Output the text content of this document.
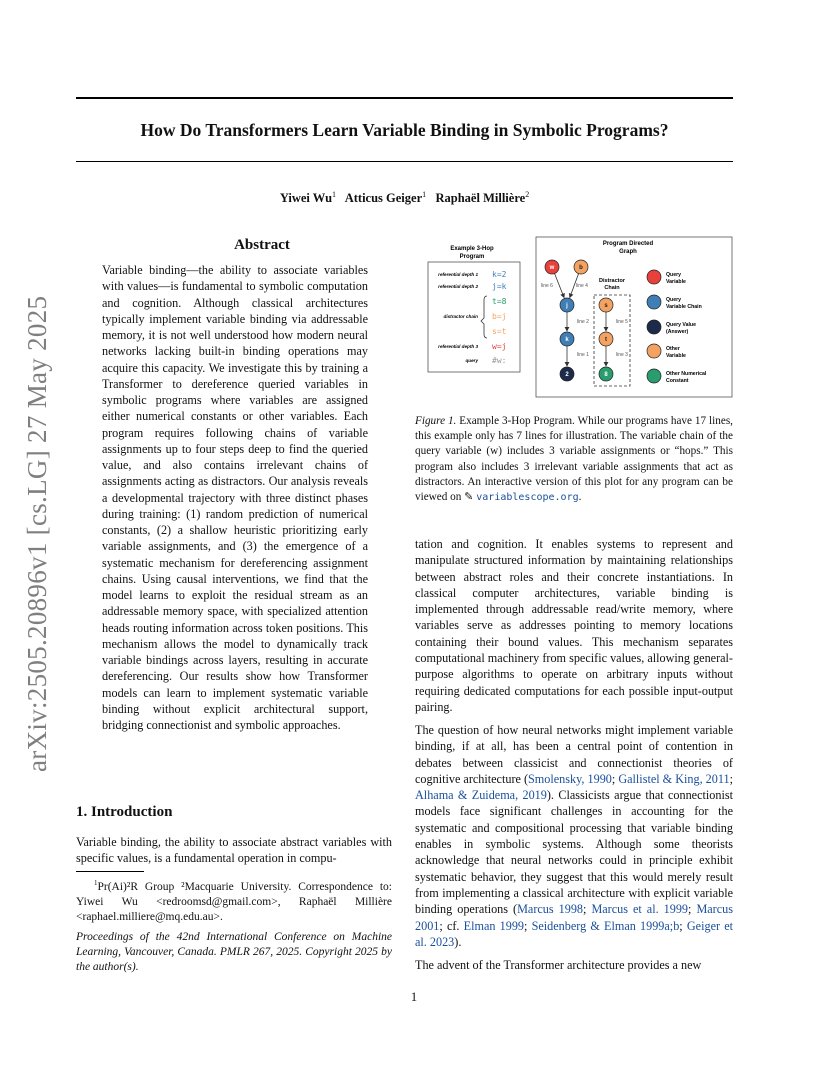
How Do Transformers Learn Variable Binding in Symbolic Programs?
Yiwei Wu$^1$ Atticus Geiger$^1$ Raphaël Millière$^2$
arXiv:2505.20896v1 [cs.LG] 27 May 2025
Abstract
Variable binding—the ability to associate variables with values—is fundamental to symbolic computation and cognition. Although classical architectures typically implement variable binding via addressable memory, it is not well understood how modern neural networks lacking built-in binding operations may acquire this capacity. We investigate this by training a Transformer to dereference queried variables in symbolic programs where variables are assigned either numerical constants or other variables. Each program requires following chains of variable assignments up to four steps deep to find the queried value, and also contains irrelevant chains of assignments acting as distractors. Our analysis reveals a developmental trajectory with three distinct phases during training: (1) random prediction of numerical constants, (2) a shallow heuristic prioritizing early variable assignments, and (3) the emergence of a systematic mechanism for dereferencing assignment chains. Using causal interventions, we find that the model learns to exploit the residual stream as an addressable memory space, with specialized attention heads routing information across token positions. This mechanism allows the model to dynamically track variable bindings across layers, resulting in accurate dereferencing. Our results show how Transformer models can learn to implement systematic variable binding without explicit architectural support, bridging connectionist and symbolic approaches.
1. Introduction
Variable binding, the ability to associate abstract variables with specific values, is a fundamental operation in compu-
$^1$Pr(Ai)²R Group ²Macquarie University. Correspondence to: Yiwei Wu <redroomsd@gmail.com>, Raphaël Millière <raphael.milliere@mq.edu.au>.
Proceedings of the 42nd International Conference on Machine Learning, Vancouver, Canada. PMLR 267, 2025. Copyright 2025 by the author(s).
Example 3-Hop
Program
referential depth 1 k=2
referential depth 2 j=k
t=8
distractor chain b=j
s=t
referential depth 3 w=j
query #w:
Program Directed
Graph
Distractor
Chain
line 6	line 4
line 2	line 5
line 1	line 3
w	b
j	s
k	t
2	8
Query
Variable
Query
Variable Chain
Query Value
(Answer)
Other
Variable
Other Numerical
Constant
Figure 1. Example 3-Hop Program. While our programs have 17 lines, this example only has 7 lines for illustration. The variable chain of the query variable (w) includes 3 variable assignments or “hops.” This program also includes 3 irrelevant variable assignments that act as distractors. An interactive version of this plot for any program can be viewed on ✎ variablescope.org.
tation and cognition. It enables systems to represent and manipulate structured information by maintaining relationships between abstract roles and their concrete instantiations. In classical computer architectures, variable binding is implemented through addressable read/write memory, where variables serve as addresses pointing to memory locations containing their bound values. This mechanism separates computational machinery from specific values, allowing general-purpose algorithms to operate on arbitrary inputs without requiring dedicated computations for each possible input-output pairing.
The question of how neural networks might implement variable binding, if at all, has been a central point of contention in debates between classicist and connectionist theories of cognitive architecture (Smolensky, 1990; Gallistel & King, 2011; Alhama & Zuidema, 2019). Classicists argue that connectionist models face significant challenges in accounting for the systematic and compositional processing that variable binding enables in symbolic systems. Although some theorists acknowledge that neural networks could in principle exhibit systematic behavior, they suggest that this would merely result from implementing a classical architecture with explicit variable binding operations (Marcus 1998; Marcus et al. 1999; Marcus 2001; cf. Elman 1999; Seidenberg & Elman 1999a;b; Geiger et al. 2023).
The advent of the Transformer architecture provides a new
1
